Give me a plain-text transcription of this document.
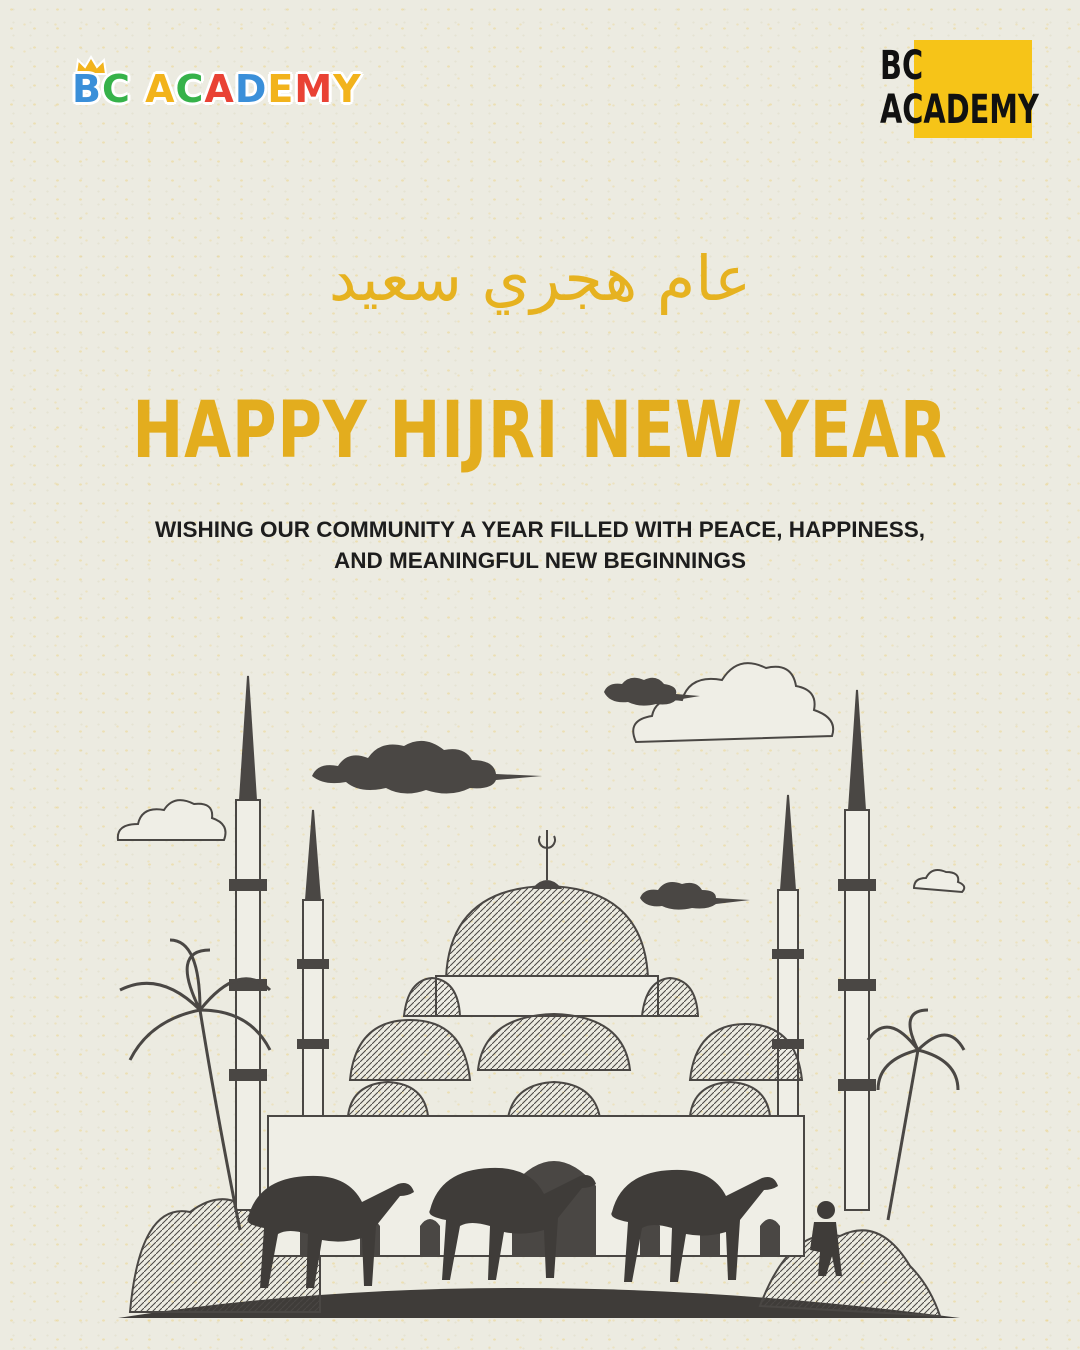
B C
A C A D E M Y	BC
ACADEMY
عام هجري سعيد
HAPPY HIJRI NEW YEAR
WISHING OUR COMMUNITY A YEAR FILLED WITH PEACE, HAPPINESS,
AND MEANINGFUL NEW BEGINNINGS
